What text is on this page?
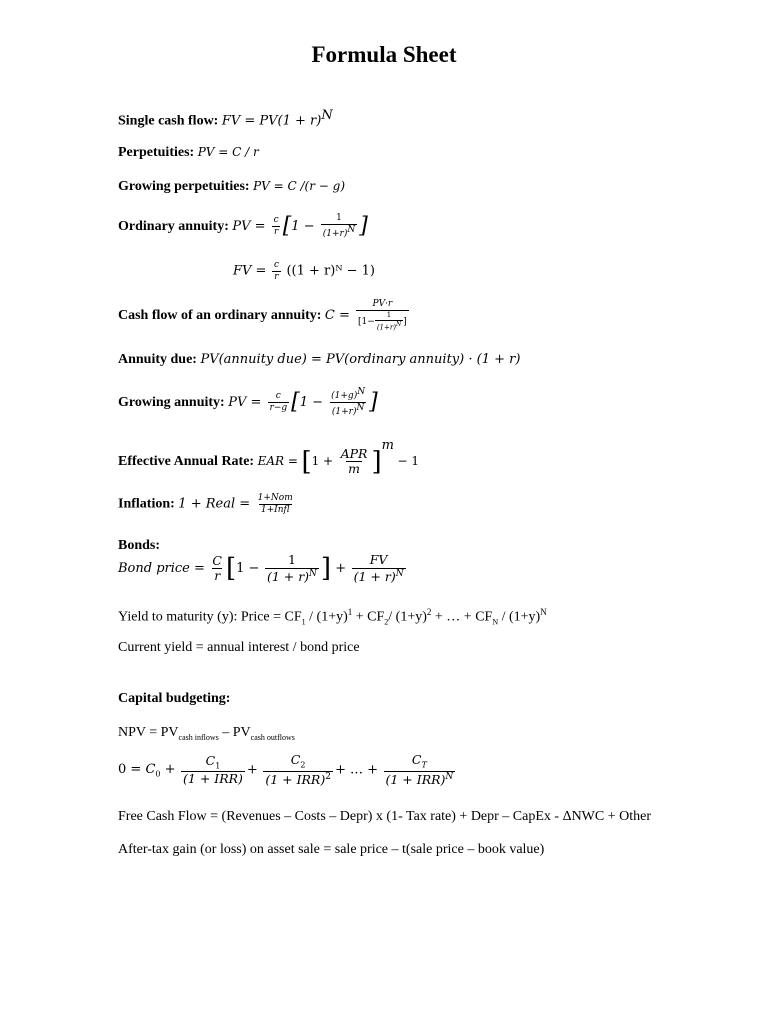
Formula Sheet
Single cash flow: FV = $PV(1 + r)^N$
Perpetuities: PV = C / r
Growing perpetuities: PV = C /(r − g)
Ordinary annuity: PV = $\frac{c}{r} [1 - \frac{1}{(1+r)^N}$ ]
FV = $\frac{c}{r} ((1$ + r)ᴺ − 1)
Cash flow of an ordinary annuity: $C = \frac{PV\cdot r}{[1- \frac{1}{(1+r)^N} ]}$
Annuity due: PV(annuity due) = PV(ordinary annuity) · (1 + r)
Growing annuity: PV = $\frac{c}{r-g} [1 - \frac{(1+g)^N}{(1+r)^N}$ ]
Effective Annual Rate: EAR = $[1 + \frac{\text{APR}}{m} ]^m - 1$
Inflation: 1 + Real = $\frac{\text{1+Nom}}{\text{1+Infl}}$
Bonds:
Bond price = $\frac{C}{r} [1 - \frac{1}{(1 + r)^N}$ ] + $\frac{FV}{(1 + r)^N}$
Yield to maturity (y): Price = $CF_1 / (1+y)^1 + CF_2/$ $(1+y)^2$ + … + $CF_N / (1+y)^N$
Current yield = annual interest / bond price
Capital budgeting:
NPV = $PV_{cash inflows} - PV_{cash outflows}$
$0 = C_0 + \frac{C_1}{\text{(1 + IRR)}} + \frac{C_2}{(1 + IRR)^2}$ + … + $\frac{C_T}{(1 + IRR)^N}$
Free Cash Flow = (Revenues – Costs – Depr) x (1- Tax rate) + Depr – CapEx - ΔNWC + Other
After-tax gain (or loss) on asset sale = sale price – t(sale price – book value)
